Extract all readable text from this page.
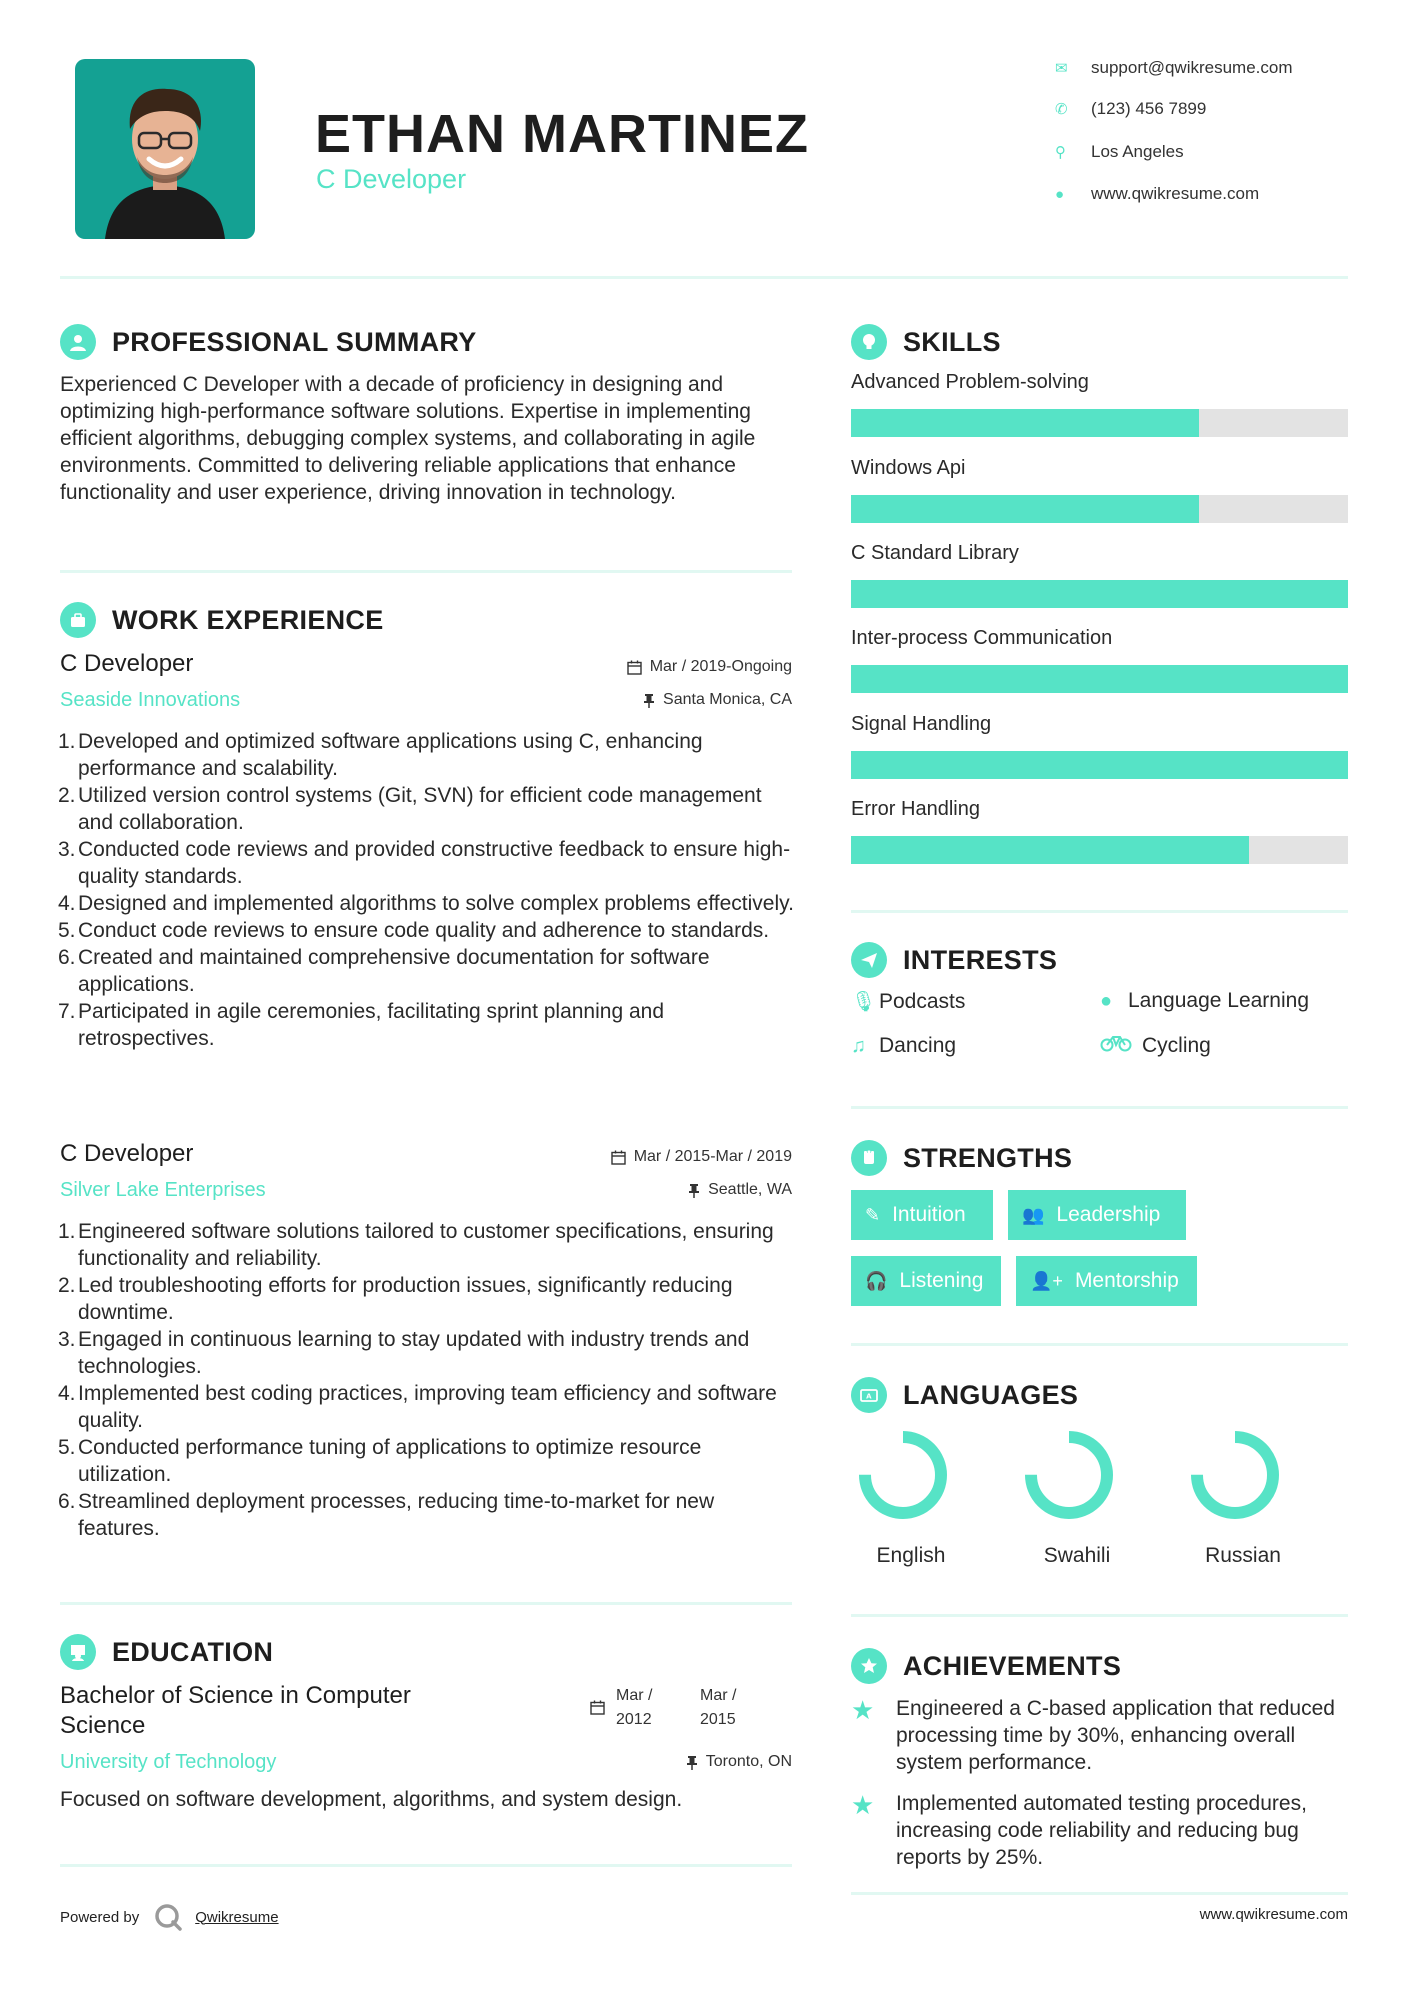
ETHAN MARTINEZ
C Developer
✉	support@qwikresume.com
✆	(123) 456 7899
⚲	Los Angeles
●	www.qwikresume.com
PROFESSIONAL SUMMARY
Experienced C Developer with a decade of proficiency in designing and optimizing high-performance software solutions. Expertise in implementing efficient algorithms, debugging complex systems, and collaborating in agile environments. Committed to delivering reliable applications that enhance functionality and user experience, driving innovation in technology.
WORK EXPERIENCE
C Developer
Seaside Innovations
Mar / 2019-Ongoing
Santa Monica, CA
1. Developed and optimized software applications using C, enhancing performance and scalability.
2. Utilized version control systems (Git, SVN) for efficient code management and collaboration.
3. Conducted code reviews and provided constructive feedback to ensure high-quality standards.
4. Designed and implemented algorithms to solve complex problems effectively.
5. Conduct code reviews to ensure code quality and adherence to standards.
6. Created and maintained comprehensive documentation for software applications.
7. Participated in agile ceremonies, facilitating sprint planning and retrospectives.
C Developer
Silver Lake Enterprises
Mar / 2015-Mar / 2019
Seattle, WA
1. Engineered software solutions tailored to customer specifications, ensuring functionality and reliability.
2. Led troubleshooting efforts for production issues, significantly reducing downtime.
3. Engaged in continuous learning to stay updated with industry trends and technologies.
4. Implemented best coding practices, improving team efficiency and software quality.
5. Conducted performance tuning of applications to optimize resource utilization.
6. Streamlined deployment processes, reducing time-to-market for new features.
EDUCATION
Bachelor of Science in Computer Science
Mar / 2012
Mar / 2015
University of Technology	Toronto, ON
Focused on software development, algorithms, and system design.
SKILLS
Advanced Problem-solving
Windows Api
C Standard Library
Inter-process Communication
Signal Handling
Error Handling
INTERESTS
🎙 Podcasts	● Language Learning
♫ Dancing	Cycling
STRENGTHS
✎ Intuition	👥 Leadership
🎧 Listening	👤+ Mentorship
A LANGUAGES
English	Swahili	Russian
ACHIEVEMENTS
★	Engineered a C-based application that reduced processing time by 30%, enhancing overall system performance.
★	Implemented automated testing procedures, increasing code reliability and reducing bug reports by 25%.
Powered by	Qwikresume	www.qwikresume.com
